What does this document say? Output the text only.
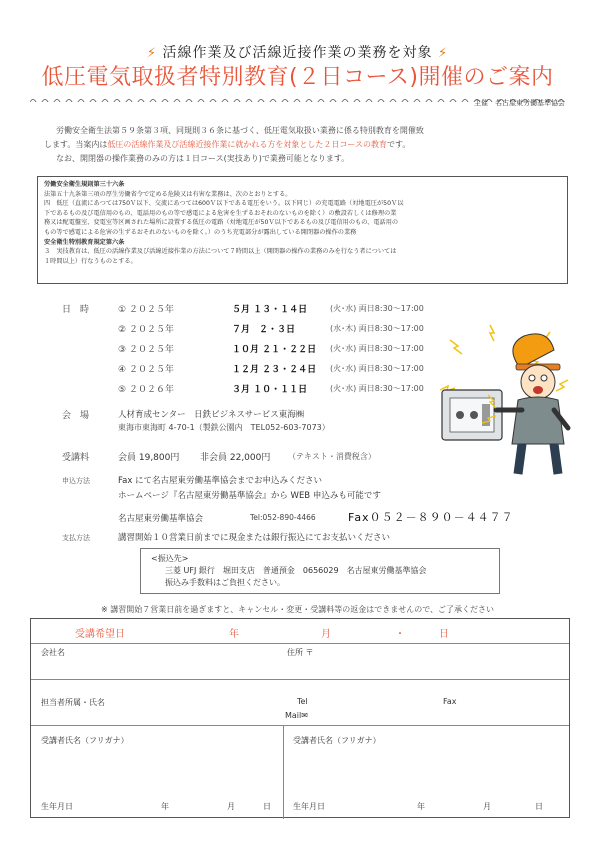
⚡ 活線作業及び活線近接作業の業務を対象 ⚡
低圧電気取扱者特別教育(２日コース)開催のご案内
主催　名古屋東労働基準協会

労働安全衛生法第５９条第３項、同規則３６条に基づく、低圧電気取扱い業務に係る特別教育を開催致

します。当案内は低圧の活線作業及び活線近接作業に就かれる方を対象とした２日コースの教育です。

なお、開閉器の操作業務のみの方は１日コース(実技あり)で業務可能となります。

労働安全衛生規則第三十六条
法第五十九条第三項の厚生労働省令で定める危険又は有害な業務は、次のとおりとする。
四　低圧（直流にあつては750Ｖ以下、交流にあつては600Ｖ以下である電圧をいう。以下同じ）の充電電路（対地電圧が50Ｖ以
下であるもの及び電信用のもの、電話用のもの等で感電による危害を生ずるおそれのないものを除く）の敷設若しくは修理の業
務又は配電盤室、変電室等区画された場所に設置する低圧の電路（対地電圧が50Ｖ以下であるもの及び電信用のもの、電話用の
もの等で感電による危害の生ずるおそれのないものを除く。）のうち充電部分が露出している開閉器の操作の業務
安全衛生特別教育規定第六条
３　実技教育は、低圧の活線作業及び活線近接作業の方法について７時間以上（開閉器の操作の業務のみを行なう者については
１時間以上）行なうものとする。
日　時	① ２０２５年	５月 １３・１４日	(火･水) 両日8:30～17:00
② ２０２５年	７月　２・３日	(水･木) 両日8:30～17:00
③ ２０２５年	１０月 ２１・２２日 (火･水) 両日8:30～17:00
④ ２０２５年	１２月 ２３・２４日 (火･水) 両日8:30～17:00
⑤ ２０２６年	３月 １０・１１日	(火･水) 両日8:30～17:00
会　場	人材育成センター　日鉄ビジネスサービス東海㈱
東海市東海町 4-70-1（製鉄公園内　TEL052-603-7073）
受講料	会員 19,800円 非会員 22,000円 （テキスト・消費税含）
申込方法	Fax にて名古屋東労働基準協会までお申込みください
ホームページ『名古屋東労働基準協会』から WEB 申込みも可能です
名古屋東労働基準協会	Tel:052-890-4466	Fax０５２－８９０－４４７７
支払方法	講習開始１０営業日前までに現金または銀行振込にてお支払いください
<振込先>
三菱 UFJ 銀行　堀田支店　普通預金　0656029　名古屋東労働基準協会
振込み手数料はご負担ください。
※ 講習開始７営業日前を過ぎますと、キャンセル・変更・受講料等の返金はできませんので、ご了承ください
受講希望日	年	月	・	日
会社名	住所 〒
担当者所属・氏名	Tel	Fax
Mail✉
受講者氏名（フリガナ）	受講者氏名（フリガナ）
生年月日	年	月	日	生年月日	年	月	日
